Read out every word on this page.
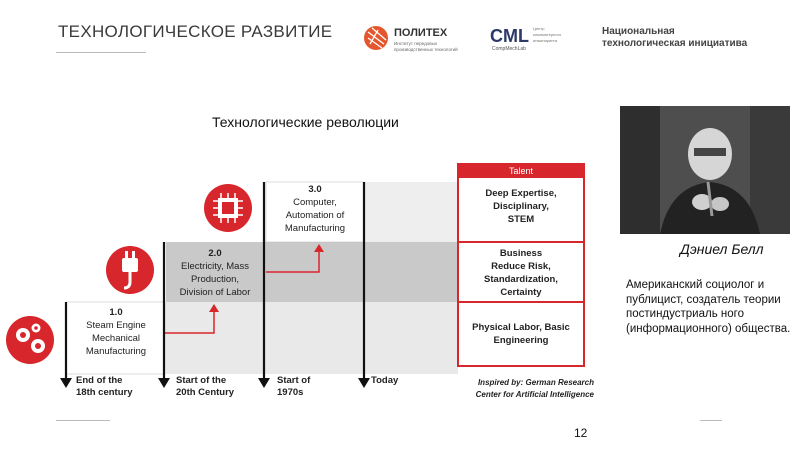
ТЕХНОЛОГИЧЕСКОЕ РАЗВИТИЕ	ПОЛИТЕХ
Институт передовых
производственных технологий
CML Центр
компьютерного
инжиниринга
CompMechLab
Национальная
технологическая инициатива
Технологические революции
1.0
Steam Engine
Mechanical
Manufacturing
2.0
Electricity, Mass
Production,
Division of Labor
3.0
Computer,
Automation of
Manufacturing
End of the
18th century
Start of the
20th Century
Start of
1970s
Today
Talent
Deep Expertise,
Disciplinary,
STEM
Business
Reduce Risk,
Standardization,
Certainty
Physical Labor, Basic
Engineering
Inspired by: German Research
Center for Artificial Intelligence
Дэниел Белл
Американский социолог и публицист, создатель теории постиндустриаль ного (информационного) общества.
12
